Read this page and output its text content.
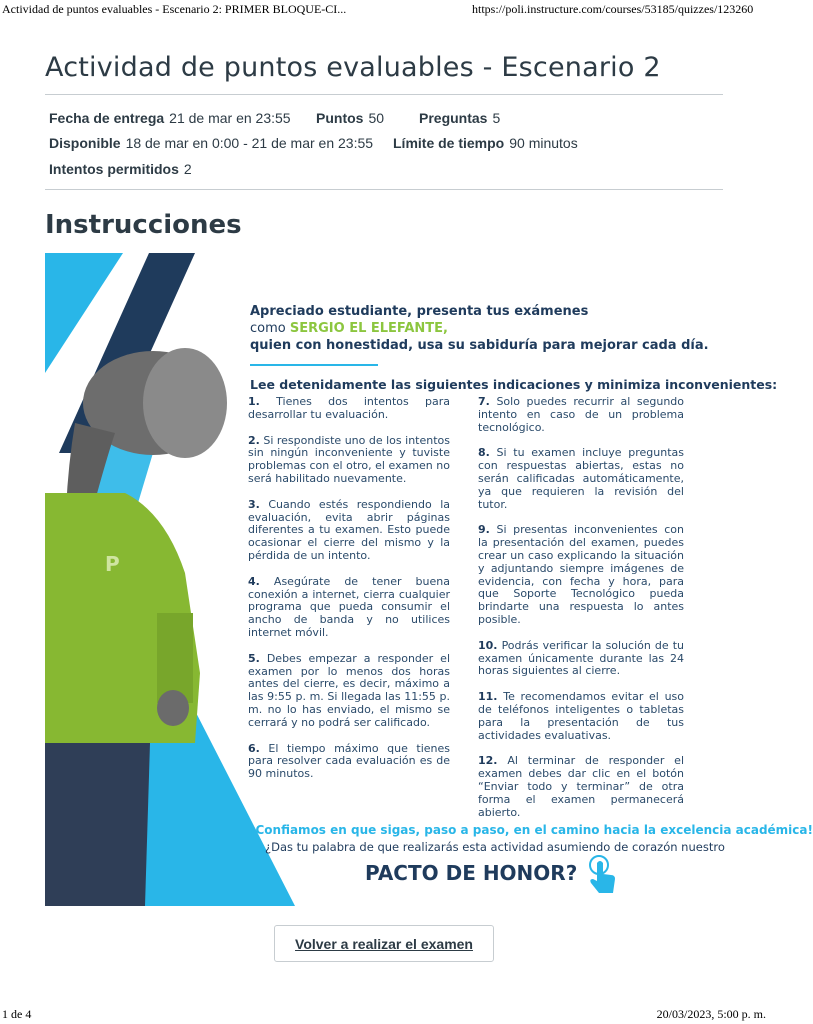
Actividad de puntos evaluables - Escenario 2: PRIMER BLOQUE-CI...	https://poli.instructure.com/courses/53185/quizzes/123260
Actividad de puntos evaluables - Escenario 2
Fecha de entrega 21 de mar en 23:55 Puntos 50 Preguntas 5
Disponible 18 de mar en 0:00 - 21 de mar en 23:55 Límite de tiempo 90 minutos
Intentos permitidos 2
Instrucciones
P
Apreciado estudiante, presenta tus exámenes
como SERGIO EL ELEFANTE,
quien con honestidad, usa su sabiduría para mejorar cada día.
Lee detenidamente las siguientes indicaciones y minimiza inconvenientes:
1. Tienes dos intentos para desarrollar tu evaluación.
2. Si respondiste uno de los intentos sin ningún inconveniente y tuviste problemas con el otro, el examen no será habilitado nuevamente.
3. Cuando estés respondiendo la evaluación, evita abrir páginas diferentes a tu examen. Esto puede ocasionar el cierre del mismo y la pérdida de un intento.
4. Asegúrate de tener buena conexión a internet, cierra cualquier programa que pueda consumir el ancho de banda y no utilices internet móvil.
5. Debes empezar a responder el examen por lo menos dos horas antes del cierre, es decir, máximo a las 9:55 p. m. Si llegada las 11:55 p. m. no lo has enviado, el mismo se cerrará y no podrá ser calificado.
6. El tiempo máximo que tienes para resolver cada evaluación es de 90 minutos.
7. Solo puedes recurrir al segundo intento en caso de un problema tecnológico.
8. Si tu examen incluye preguntas con respuestas abiertas, estas no serán calificadas automáticamente, ya que requieren la revisión del tutor.
9. Si presentas inconvenientes con la presentación del examen, puedes crear un caso explicando la situación y adjuntando siempre imágenes de evidencia, con fecha y hora, para que Soporte Tecnológico pueda brindarte una respuesta lo antes posible.
10. Podrás verificar la solución de tu examen únicamente durante las 24 horas siguientes al cierre.
11. Te recomendamos evitar el uso de teléfonos inteligentes o tabletas para la presentación de tus actividades evaluativas.
12. Al terminar de responder el examen debes dar clic en el botón “Enviar todo y terminar” de otra forma el examen permanecerá abierto.
¡Confiamos en que sigas, paso a paso, en el camino hacia la excelencia académica!
¿Das tu palabra de que realizarás esta actividad asumiendo de corazón nuestro
PACTO DE HONOR?
Volver a realizar el examen
1 de 4	20/03/2023, 5:00 p. m.
